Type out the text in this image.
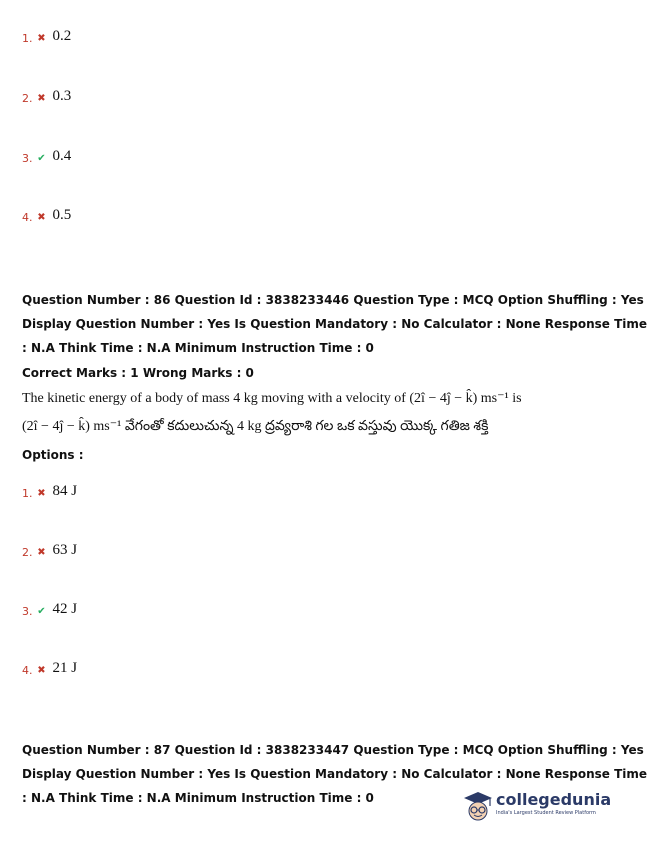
1. ✖ 0.2
2. ✖ 0.3
3. ✔ 0.4
4. ✖ 0.5
Question Number : 86 Question Id : 3838233446 Question Type : MCQ Option Shuffling : Yes
Display Question Number : Yes Is Question Mandatory : No Calculator : None Response Time
: N.A Think Time : N.A Minimum Instruction Time : 0
Correct Marks : 1 Wrong Marks : 0
The kinetic energy of a body of mass 4 kg moving with a velocity of (2î − 4ĵ − k̂) ms⁻¹ is
(2î − 4ĵ − k̂) ms⁻¹ వేగంతో కదులుచున్న 4 kg ద్రవ్యరాశి గల ఒక వస్తువు యొక్క గతిజ శక్తి
Options :
1. ✖ 84 J
2. ✖ 63 J
3. ✔ 42 J
4. ✖ 21 J
Question Number : 87 Question Id : 3838233447 Question Type : MCQ Option Shuffling : Yes
Display Question Number : Yes Is Question Mandatory : No Calculator : None Response Time
: N.A Think Time : N.A Minimum Instruction Time : 0	collegedunia
India's Largest Student Review Platform
